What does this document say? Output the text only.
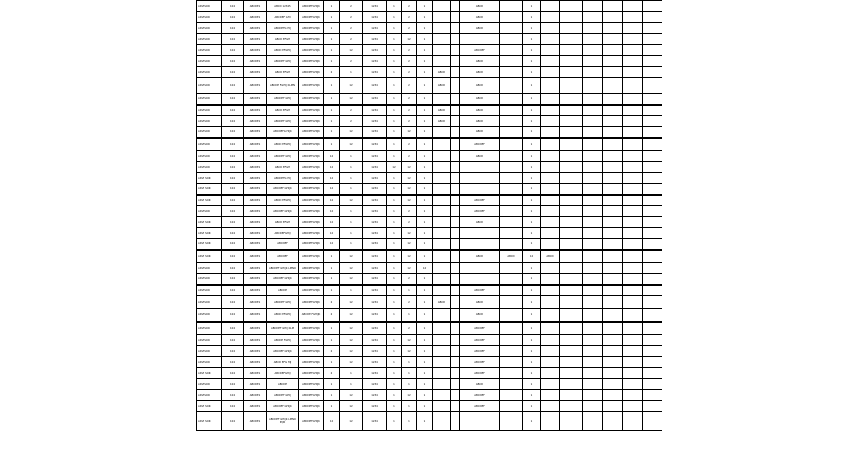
ADVISOR	104	ABCDE1	ABCD 12345	ABCDEFGHIJK	1	2	1234	1	2	1			ABCD		1						
ADVISOR	104	ABCDE1	ABCDEF GHI	ABCDEFGHIJK	1	2	1234	1	2	1			ABCD		1						
ADVISOR	104	ABCDE1	ABCDEFG HIJ	ABCDEFGHIJK	1	2	1234	1	2	1			ABCD		1						
ADVISOR	104	ABCDE1	ABCD EFGH	ABCDEFGHIJK	1	2	1234	1	12	1					1						
ADVISOR	104	ABCDE1	ABCD EFGHIJ	ABCDEFGHIJK	1	12	1234	1	2	1			ABCDEF		1						
ADVISOR	104	ABCDE1	ABCDEF GHIJ	ABCDEFGHIJK	1	2	1234	1	2	1			ABCD		1						
ADVISOR	104	ABCDE1	ABCD EFGH	ABCDEFGHIJK	2	1	1234	1	2	1	ABCD		ABCD		1						
ADVISOR	104	ABCDE1	ABCDE FGHIJ KLMN	ABCDEFGHIJK	1	12	1234	1	2	1	ABCD		ABCD		1						
ADVISOR	104	ABCDE1	ABCDEF GHIJ	ABCDEFGHIJK	1	12	1234	1	2	1			ABCD		1						
ADVISOR	104	ABCDE1	ABCD EFGH	ABCDEFGHIJK	1	2	1234	1	2	1	ABCD		ABCD		1						
ADVISOR	104	ABCDE1	ABCDEF GHIJ	ABCDEFGHIJK	1	2	1234	1	2	1	ABCD		ABCD		1						
ADVISOR	104	ABCDE1	ABCDEFG HIJK	ABCDEFGHIJK	1	12	1234	1	12	1			ABCD		1						
ADVISOR	104	ABCDE1	ABCD EFGHIJ	ABCDEFGHIJK	1	12	1234	1	2	1			ABCDEF		1						
ADVISOR	104	ABCDE1	ABCDEF GHIJ	ABCDEFGHIJK	12	1	1234	1	2	1			ABCD		1						
ADVISOR	104	ABCDE1	ABCD EFGH	ABCDEFGHIJK	12	1	1234	12	12	1					1						
ADVI SOR	104	ABCDE1	ABCDEFG HIJ	ABCDEFGHIJK	12	1	1234	1	12	1					1						
ADVI SOR	104	ABCDE1	ABCDEF GHIJK	ABCDEFGHIJK	12	1	1234	1	12	1					1						
ADVI SOR	104	ABCDE1	ABCD EFGHIJ	ABCDEFGHIJK	12	12	1234	1	12	1			ABCDEF		1						
ADVISOR	104	ABCDE1	ABCDEF GHIJK	ABCDEFGHIJK	12	1	1234	1	2	1			ABCDEF		1						
ADVI SOR	104	ABCDE1	ABCD EFGH	ABCDEFGHIJK	12	1	1234	1	2	1			ABCD		1						
ADVI SOR	104	ABCDE1	ABCDEFGHIJ	ABCDEFGHIJK	12	1	1234	1	12	1					1						
ADVI SOR	104	ABCDE1	ABCDEF	ABCDEFGHIJK	12	1	1234	1	12	1					1						
ADVI SOR	104	ABCDE1	ABCDEF	ABCDEFGHIJK	1	12	1234	1	12	1			ABCD	ABCD	12	ABCD					
ADVISOR	104	ABCDE1	ABCDEF GHIJK LMNO	ABCDEFGHIJK	1	12	1234	1	12	12					1						
ADVISOR	104	ABCDE1	ABCDEF GHIJK	ABCDEFGHIJK	1	12	1234	1	2	1					1						
ADVISOR	104	ABCDE1	ABCDE	ABCDEFGHIJK	1	1	1234	1	1	1			ABCDEF		1						
ADVISOR	104	ABCDE1	ABCDEF GHIJ	ABCDEFGHIJK	2	12	1234	1	2	1	ABCD		ABCD		1						
ADVISOR	104	ABCDE1	ABCD EFGHIJ	ABCDE FGHIJK	2	12	1234	1	1	1			ABCD		1						
ADVISOR	104	ABCDE1	ABCDEF GHIJ KLM	ABCDEFGHIJK	1	12	1234	1	2	1			ABCDEF		1						
ADVISOR	104	ABCDE1	ABCDE FGHIJ	ABCDEFGHIJK	1	12	1234	1	12	1			ABCDEF		1						
ADVISOR	104	ABCDE1	ABCDEF GHIJK	ABCDEFGHIJK	2	12	1234	1	12	1			ABCDEF		1						
ADVISOR	104	ABCDE1	ABCD EFG HIJ	ABCDEFGHIJK	1	12	1234	1	1	1			ABCDEF		1						
ADVI SOR	104	ABCDE1	ABCDEFGHIJ	ABCDEFGHIJK	2	1	1234	1	1	1			ABCDEF		1						
ADVISOR	104	ABCDE1	ABCDE	ABCDEFGHIJK	1	1	1234	1	1	1			ABCD		1						
ADVISOR	104	ABCDE1	ABCDEF GHIJ	ABCDEFGHIJK	1	12	1234	1	12	1			ABCDEF		1						
ADVI SOR	104	ABCDE1	ABCDEF GHIJK	ABCDEFGHIJK	1	12	1234	1	1	1			ABCDEF		1						
ADVI SOR	104	ABCDE1	ABCDEF GHIJK LMNO PQR	ABCDEFGHIJK	12	12	1234	1	1	1					1						
